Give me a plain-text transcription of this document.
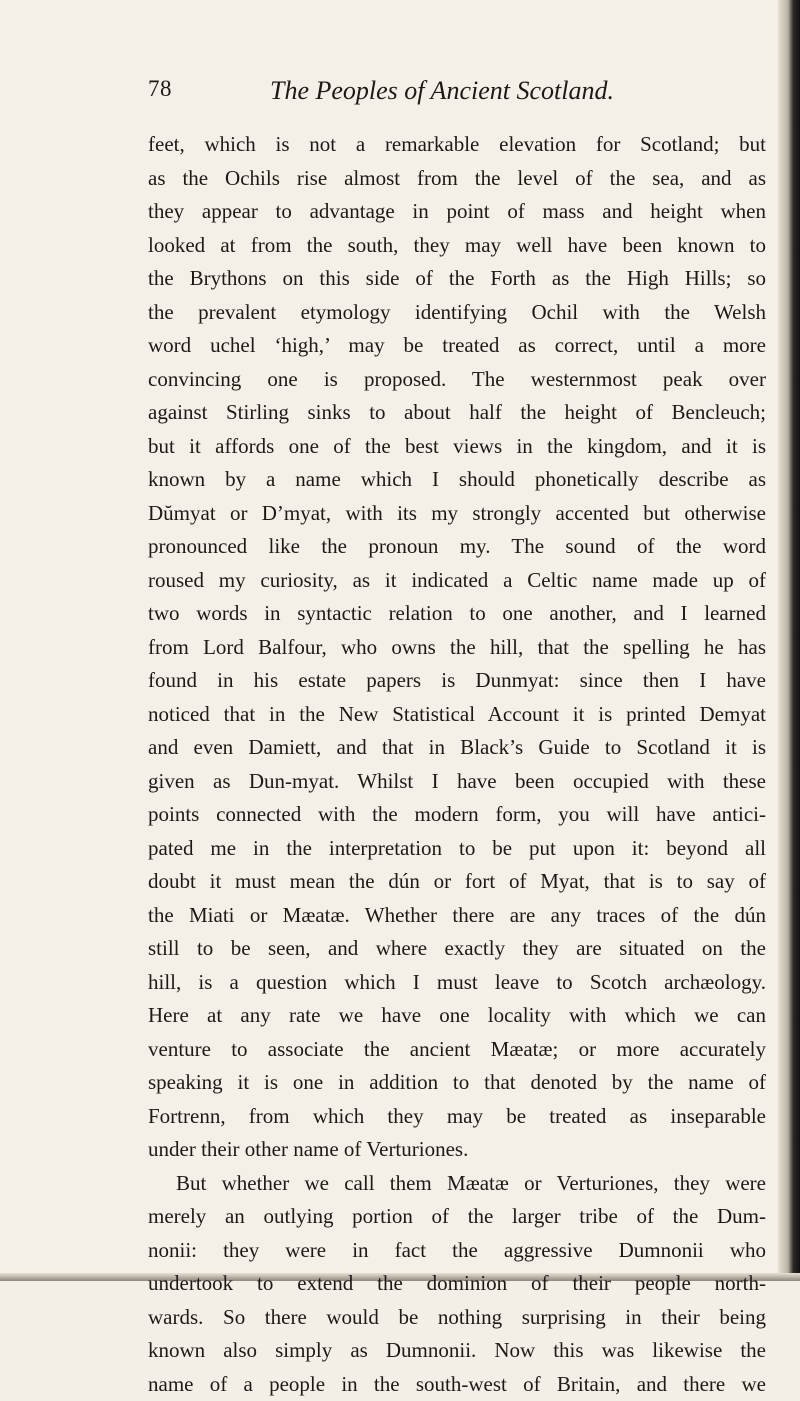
78	The Peoples of Ancient Scotland.
feet, which is not a remarkable elevation for Scotland; but
as the Ochils rise almost from the level of the sea, and as
they appear to advantage in point of mass and height when
looked at from the south, they may well have been known to
the Brythons on this side of the Forth as the High Hills; so
the prevalent etymology identifying Ochil with the Welsh
word uchel ‘high,’ may be treated as correct, until a more
convincing one is proposed. The westernmost peak over
against Stirling sinks to about half the height of Bencleuch;
but it affords one of the best views in the kingdom, and it is
known by a name which I should phonetically describe as
Dŭmyat or D’myat, with its my strongly accented but otherwise
pronounced like the pronoun my. The sound of the word
roused my curiosity, as it indicated a Celtic name made up of
two words in syntactic relation to one another, and I learned
from Lord Balfour, who owns the hill, that the spelling he has
found in his estate papers is Dunmyat: since then I have
noticed that in the New Statistical Account it is printed Demyat
and even Damiett, and that in Black’s Guide to Scotland it is
given as Dun-myat. Whilst I have been occupied with these
points connected with the modern form, you will have antici-
pated me in the interpretation to be put upon it: beyond all
doubt it must mean the dún or fort of Myat, that is to say of
the Miati or Mæatæ. Whether there are any traces of the dún
still to be seen, and where exactly they are situated on the
hill, is a question which I must leave to Scotch archæology.
Here at any rate we have one locality with which we can
venture to associate the ancient Mæatæ; or more accurately
speaking it is one in addition to that denoted by the name of
Fortrenn, from which they may be treated as inseparable
under their other name of Verturiones.
But whether we call them Mæatæ or Verturiones, they were
merely an outlying portion of the larger tribe of the Dum-
nonii: they were in fact the aggressive Dumnonii who
undertook to extend the dominion of their people north-
wards. So there would be nothing surprising in their being
known also simply as Dumnonii. Now this was likewise the
name of a people in the south-west of Britain, and there we
